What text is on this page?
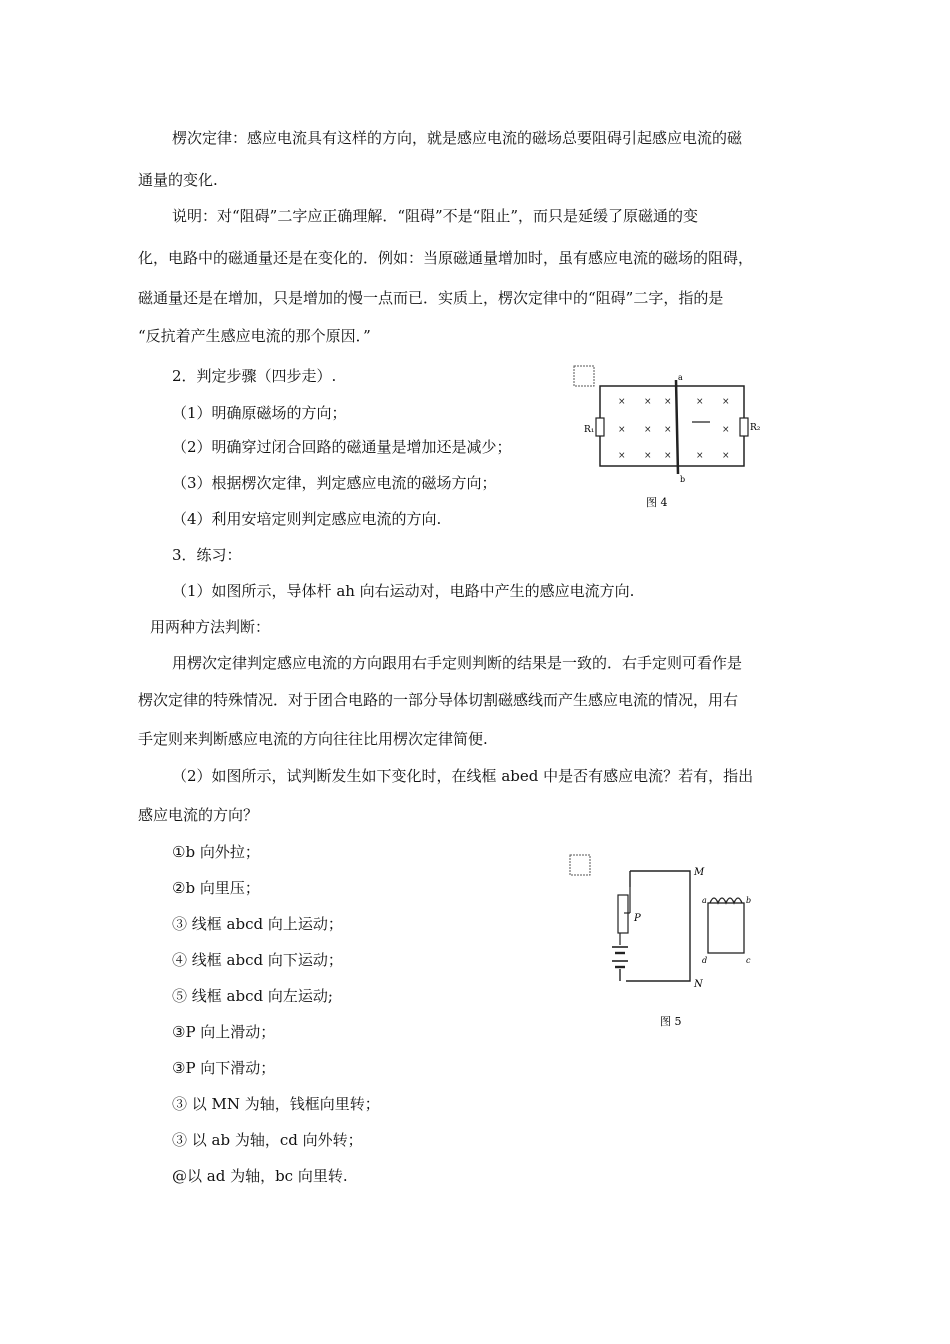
楞次定律：感应电流具有这样的方向，就是感应电流的磁场总要阻碍引起感应电流的磁
通量的变化.
说明：对“阻碍”二字应正确理解．“阻碍”不是“阻止”，而只是延缓了原磁通的变
化，电路中的磁通量还是在变化的．例如：当原磁通量增加时，虽有感应电流的磁场的阻碍，
磁通量还是在增加，只是增加的慢一点而已．实质上，楞次定律中的“阻碍”二字，指的是
“反抗着产生感应电流的那个原因．”
2．判定步骤（四步走）.
（1）明确原磁场的方向；
（2）明确穿过闭合回路的磁通量是增加还是减少；
（3）根据楞次定律，判定感应电流的磁场方向；
（4）利用安培定则判定感应电流的方向.
3．练习：
（1）如图所示，导体杆 ah 向右运动对，电路中产生的感应电流方向.
用两种方法判断：
用楞次定律判定感应电流的方向跟用右手定则判断的结果是一致的．右手定则可看作是
楞次定律的特殊情况．对于团合电路的一部分导体切割磁感线而产生感应电流的情况，用右
手定则来判断感应电流的方向往往比用楞次定律简便.
（2）如图所示，试判断发生如下变化时，在线框 abed 中是否有感应电流？若有，指出
感应电流的方向？
①b 向外拉；
②b 向里压；
③ 线框 abcd 向上运动；
④ 线框 abcd 向下运动；
⑤ 线框 abcd 向左运动;
③P 向上滑动；
③P 向下滑动；
③ 以 MN 为轴，钱框向里转；
③ 以 ab 为轴，cd 向外转；
@以 ad 为轴，bc 向里转.
R₁	R₂
a
b
× × ×	× ×
× × ×	×
× × ×	× ×
图 4
P
M
N
a	b
c
d
图 5
